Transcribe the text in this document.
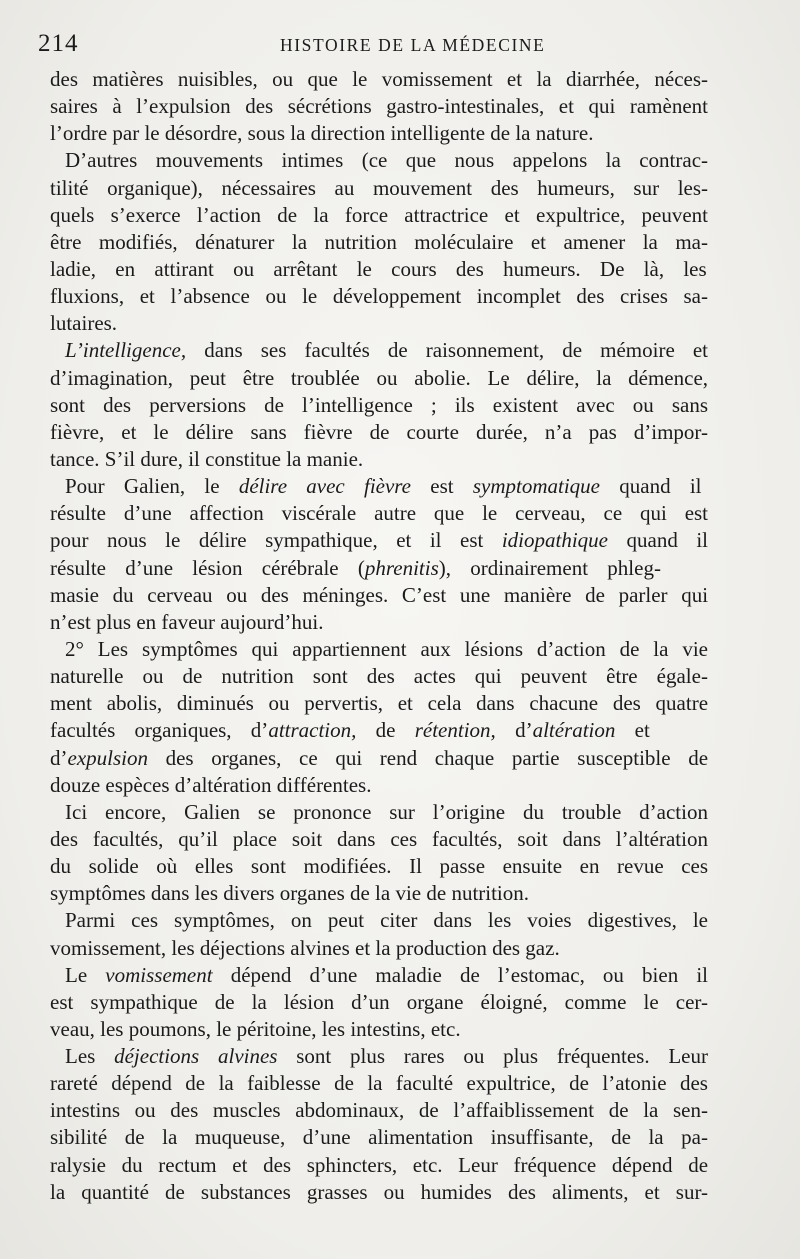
214	HISTOIRE DE LA MÉDECINE
des matières nuisibles, ou que le vomissement et la diarrhée, néces-
saires à l’expulsion des sécrétions gastro-intestinales, et qui ramènent
l’ordre par le désordre, sous la direction intelligente de la nature.
D’autres mouvements intimes (ce que nous appelons la contrac-
tilité organique), nécessaires au mouvement des humeurs, sur les-
quels s’exerce l’action de la force attractrice et expultrice, peuvent
être modifiés, dénaturer la nutrition moléculaire et amener la ma-
ladie, en attirant ou arrêtant le cours des humeurs. De là, les
fluxions, et l’absence ou le développement incomplet des crises sa-
lutaires.
L’intelligence, dans ses facultés de raisonnement, de mémoire et
d’imagination, peut être troublée ou abolie. Le délire, la démence,
sont des perversions de l’intelligence ; ils existent avec ou sans
fièvre, et le délire sans fièvre de courte durée, n’a pas d’impor-
tance. S’il dure, il constitue la manie.
Pour Galien, le délire avec fièvre est symptomatique quand il
résulte d’une affection viscérale autre que le cerveau, ce qui est
pour nous le délire sympathique, et il est idiopathique quand il
résulte d’une lésion cérébrale (phrenitis), ordinairement phleg-
masie du cerveau ou des méninges. C’est une manière de parler qui
n’est plus en faveur aujourd’hui.
2° Les symptômes qui appartiennent aux lésions d’action de la vie
naturelle ou de nutrition sont des actes qui peuvent être égale-
ment abolis, diminués ou pervertis, et cela dans chacune des quatre
facultés organiques, d’attraction, de rétention, d’altération et
d’expulsion des organes, ce qui rend chaque partie susceptible de
douze espèces d’altération différentes.
Ici encore, Galien se prononce sur l’origine du trouble d’action
des facultés, qu’il place soit dans ces facultés, soit dans l’altération
du solide où elles sont modifiées. Il passe ensuite en revue ces
symptômes dans les divers organes de la vie de nutrition.
Parmi ces symptômes, on peut citer dans les voies digestives, le
vomissement, les déjections alvines et la production des gaz.
Le vomissement dépend d’une maladie de l’estomac, ou bien il
est sympathique de la lésion d’un organe éloigné, comme le cer-
veau, les poumons, le péritoine, les intestins, etc.
Les déjections alvines sont plus rares ou plus fréquentes. Leur
rareté dépend de la faiblesse de la faculté expultrice, de l’atonie des
intestins ou des muscles abdominaux, de l’affaiblissement de la sen-
sibilité de la muqueuse, d’une alimentation insuffisante, de la pa-
ralysie du rectum et des sphincters, etc. Leur fréquence dépend de
la quantité de substances grasses ou humides des aliments, et sur-
